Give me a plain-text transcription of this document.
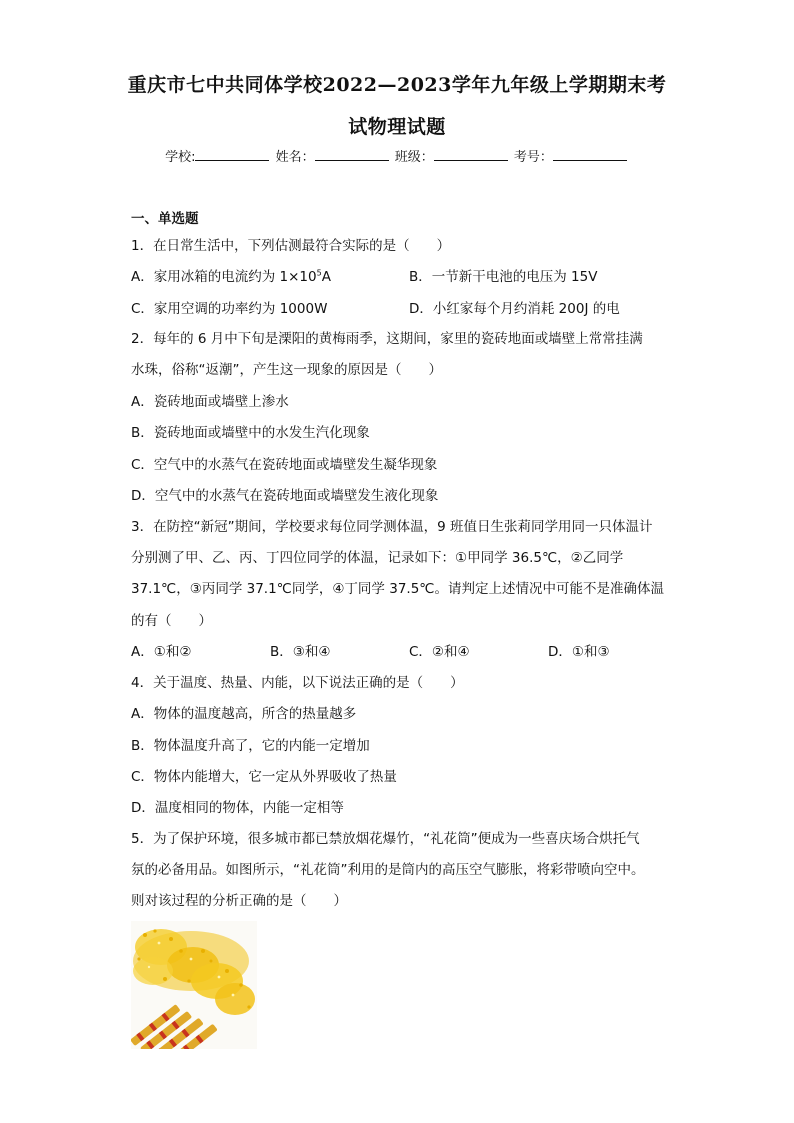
重庆市七中共同体学校2022—2023学年九年级上学期期末考
试物理试题
学校:	姓名：	班级：	考号：
一、单选题
1．在日常生活中，下列估测最符合实际的是（　　）
A．家用冰箱的电流约为 $1\times 10^5A$	B．一节新干电池的电压为 15V
C．家用空调的功率约为 1000W	D．小红家每个月约消耗 200J 的电
2．每年的 6 月中下旬是溧阳的黄梅雨季，这期间，家里的瓷砖地面或墙壁上常常挂满
水珠，俗称“返潮”，产生这一现象的原因是（　　）
A．瓷砖地面或墙壁上渗水
B．瓷砖地面或墙壁中的水发生汽化现象
C．空气中的水蒸气在瓷砖地面或墙壁发生凝华现象
D．空气中的水蒸气在瓷砖地面或墙壁发生液化现象
3．在防控“新冠”期间，学校要求每位同学测体温，9 班值日生张莉同学用同一只体温计
分别测了甲、乙、丙、丁四位同学的体温，记录如下：①甲同学 36.5℃，②乙同学
37.1℃，③丙同学 37.1℃同学，④丁同学 37.5℃。请判定上述情况中可能不是准确体温
的有（　　）
A．①和②	B．③和④	C．②和④	D．①和③
4．关于温度、热量、内能，以下说法正确的是（　　）
A．物体的温度越高，所含的热量越多
B．物体温度升高了，它的内能一定增加
C．物体内能增大，它一定从外界吸收了热量
D．温度相同的物体，内能一定相等
5．为了保护环境，很多城市都已禁放烟花爆竹，“礼花筒”便成为一些喜庆场合烘托气
氛的必备用品。如图所示，“礼花筒”利用的是筒内的高压空气膨胀，将彩带喷向空中。
则对该过程的分析正确的是（　　）
